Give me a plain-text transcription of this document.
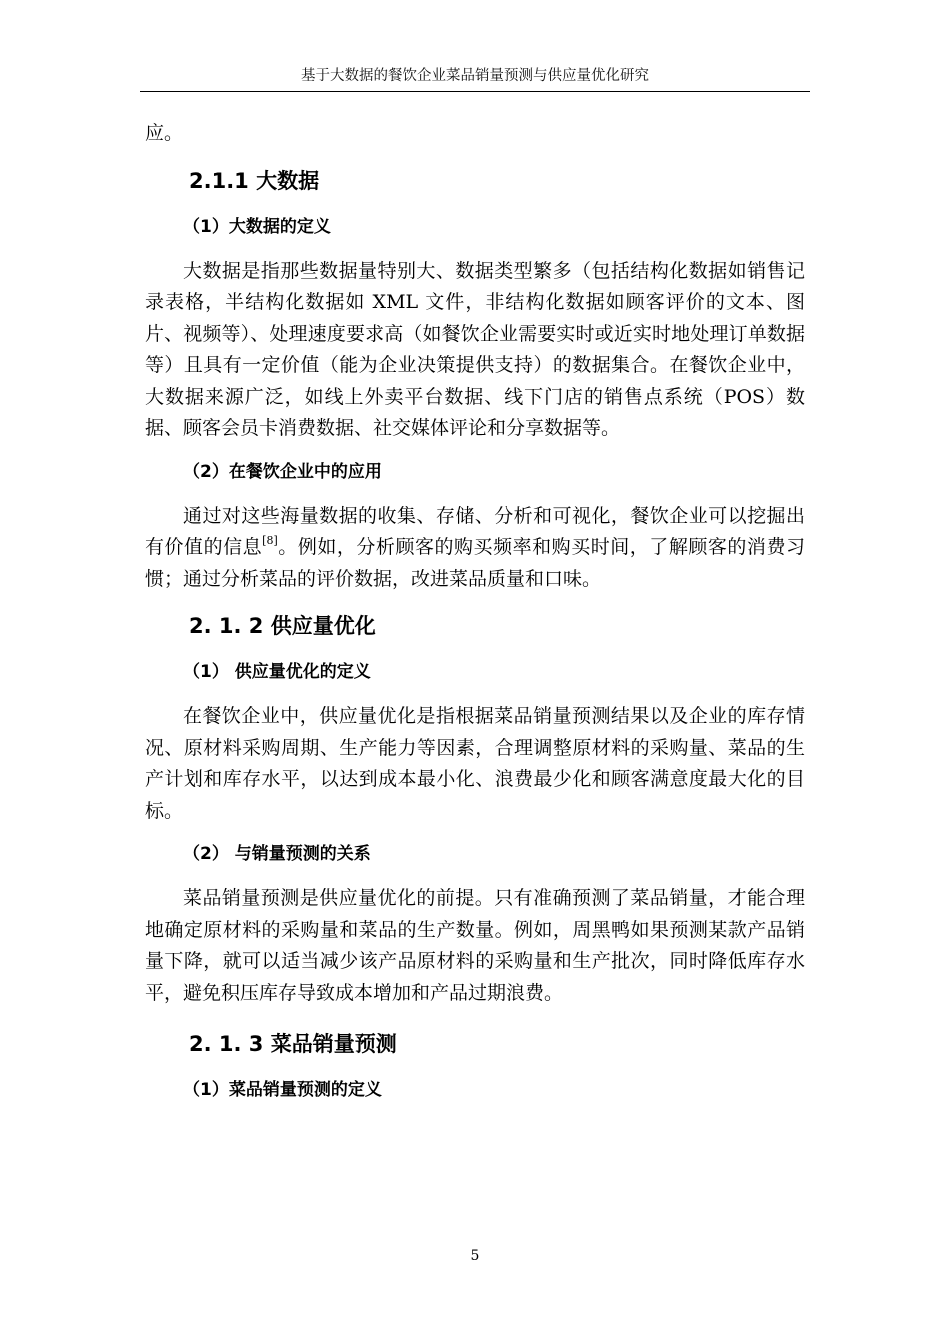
基于大数据的餐饮企业菜品销量预测与供应量优化研究

应。

2.1.1 大数据
（1）大数据的定义

大数据是指那些数据量特别大、数据类型繁多（包括结构化数据如销售记录表格，半结构化数据如 XML 文件，非结构化数据如顾客评价的文本、图片、视频等）、处理速度要求高（如餐饮企业需要实时或近实时地处理订单数据等）且具有一定价值（能为企业决策提供支持）的数据集合。在餐饮企业中，大数据来源广泛，如线上外卖平台数据、线下门店的销售点系统（POS）数据、顾客会员卡消费数据、社交媒体评论和分享数据等。

（2）在餐饮企业中的应用

通过对这些海量数据的收集、存储、分析和可视化，餐饮企业可以挖掘出有价值的信息[8]。例如，分析顾客的购买频率和购买时间，了解顾客的消费习惯；通过分析菜品的评价数据，改进菜品质量和口味。

2. 1. 2 供应量优化
（1） 供应量优化的定义

在餐饮企业中，供应量优化是指根据菜品销量预测结果以及企业的库存情况、原材料采购周期、生产能力等因素，合理调整原材料的采购量、菜品的生产计划和库存水平，以达到成本最小化、浪费最少化和顾客满意度最大化的目标。

（2） 与销量预测的关系

菜品销量预测是供应量优化的前提。只有准确预测了菜品销量，才能合理地确定原材料的采购量和菜品的生产数量。例如，周黑鸭如果预测某款产品销量下降，就可以适当减少该产品原材料的采购量和生产批次，同时降低库存水平，避免积压库存导致成本增加和产品过期浪费。

2. 1. 3 菜品销量预测
（1）菜品销量预测的定义
5
